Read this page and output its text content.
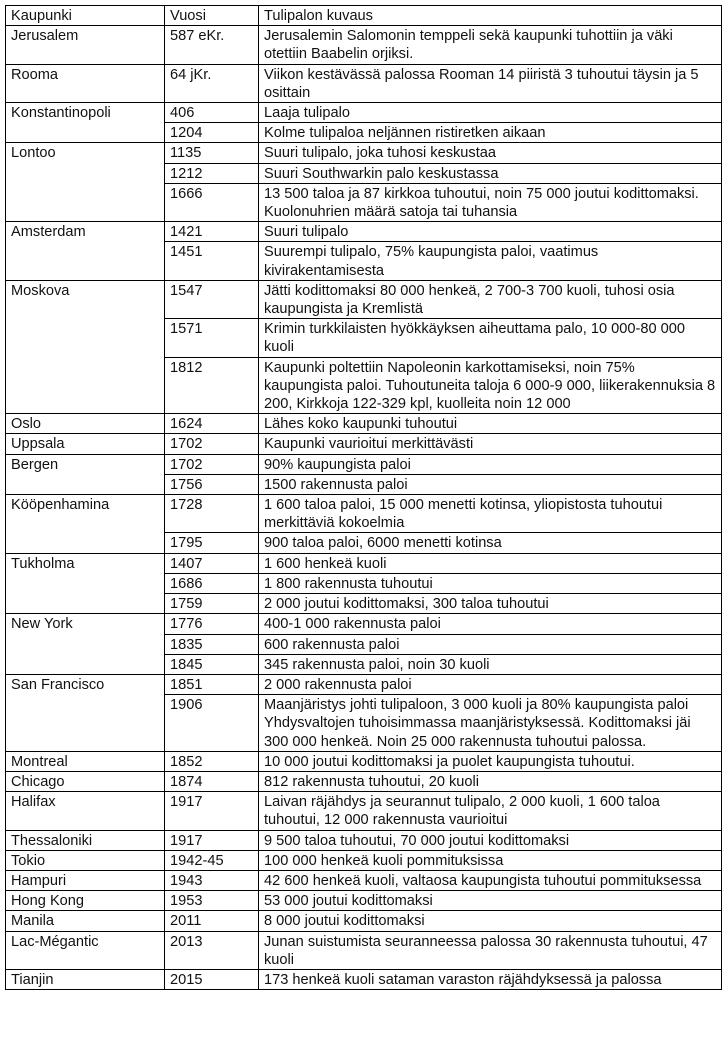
Kaupunki	Vuosi	Tulipalon kuvaus
Jerusalem	587 eKr.	Jerusalemin Salomonin temppeli sekä kaupunki tuhottiin ja väki otettiin Baabelin orjiksi.
Rooma	64 jKr.	Viikon kestävässä palossa Rooman 14 piiristä 3 tuhoutui täysin ja 5 osittain
Konstantinopoli	406	Laaja tulipalo
	1204	Kolme tulipaloa neljännen ristiretken aikaan
Lontoo	1135	Suuri tulipalo, joka tuhosi keskustaa
	1212	Suuri Southwarkin palo keskustassa
	1666	13 500 taloa ja 87 kirkkoa tuhoutui, noin 75 000 joutui kodittomaksi. Kuolonuhrien määrä satoja tai tuhansia
Amsterdam	1421	Suuri tulipalo
	1451	Suurempi tulipalo, 75% kaupungista paloi, vaatimus kivirakentamisesta
Moskova	1547	Jätti kodittomaksi 80 000 henkeä, 2 700-3 700 kuoli, tuhosi osia kaupungista ja Kremlistä
	1571	Krimin turkkilaisten hyökkäyksen aiheuttama palo, 10 000-80 000 kuoli
	1812	Kaupunki poltettiin Napoleonin karkottamiseksi, noin 75% kaupungista paloi. Tuhoutuneita taloja 6 000-9 000, liikerakennuksia 8 200, Kirkkoja 122-329 kpl, kuolleita noin 12 000
Oslo	1624	Lähes koko kaupunki tuhoutui
Uppsala	1702	Kaupunki vaurioitui merkittävästi
Bergen	1702	90% kaupungista paloi
	1756	1500 rakennusta paloi
Kööpenhamina	1728	1 600 taloa paloi, 15 000 menetti kotinsa, yliopistosta tuhoutui merkittäviä kokoelmia
	1795	900 taloa paloi, 6000 menetti kotinsa
Tukholma	1407	1 600 henkeä kuoli
	1686	1 800 rakennusta tuhoutui
	1759	2 000 joutui kodittomaksi, 300 taloa tuhoutui
New York	1776	400-1 000 rakennusta paloi
	1835	600 rakennusta paloi
	1845	345 rakennusta paloi, noin 30 kuoli
San Francisco	1851	2 000 rakennusta paloi
	1906	Maanjäristys johti tulipaloon, 3 000 kuoli ja 80% kaupungista paloi Yhdysvaltojen tuhoisimmassa maanjäristyksessä. Kodittomaksi jäi 300 000 henkeä. Noin 25 000 rakennusta tuhoutui palossa.
Montreal	1852	10 000 joutui kodittomaksi ja puolet kaupungista tuhoutui.
Chicago	1874	812 rakennusta tuhoutui, 20 kuoli
Halifax	1917	Laivan räjähdys ja seurannut tulipalo, 2 000 kuoli, 1 600 taloa tuhoutui, 12 000 rakennusta vaurioitui
Thessaloniki	1917	9 500 taloa tuhoutui, 70 000 joutui kodittomaksi
Tokio	1942-45	100 000 henkeä kuoli pommituksissa
Hampuri	1943	42 600 henkeä kuoli, valtaosa kaupungista tuhoutui pommituksessa
Hong Kong	1953	53 000 joutui kodittomaksi
Manila	2011	8 000 joutui kodittomaksi
Lac-Mégantic	2013	Junan suistumista seuranneessa palossa 30 rakennusta tuhoutui, 47 kuoli
Tianjin	2015	173 henkeä kuoli sataman varaston räjähdyksessä ja palossa
